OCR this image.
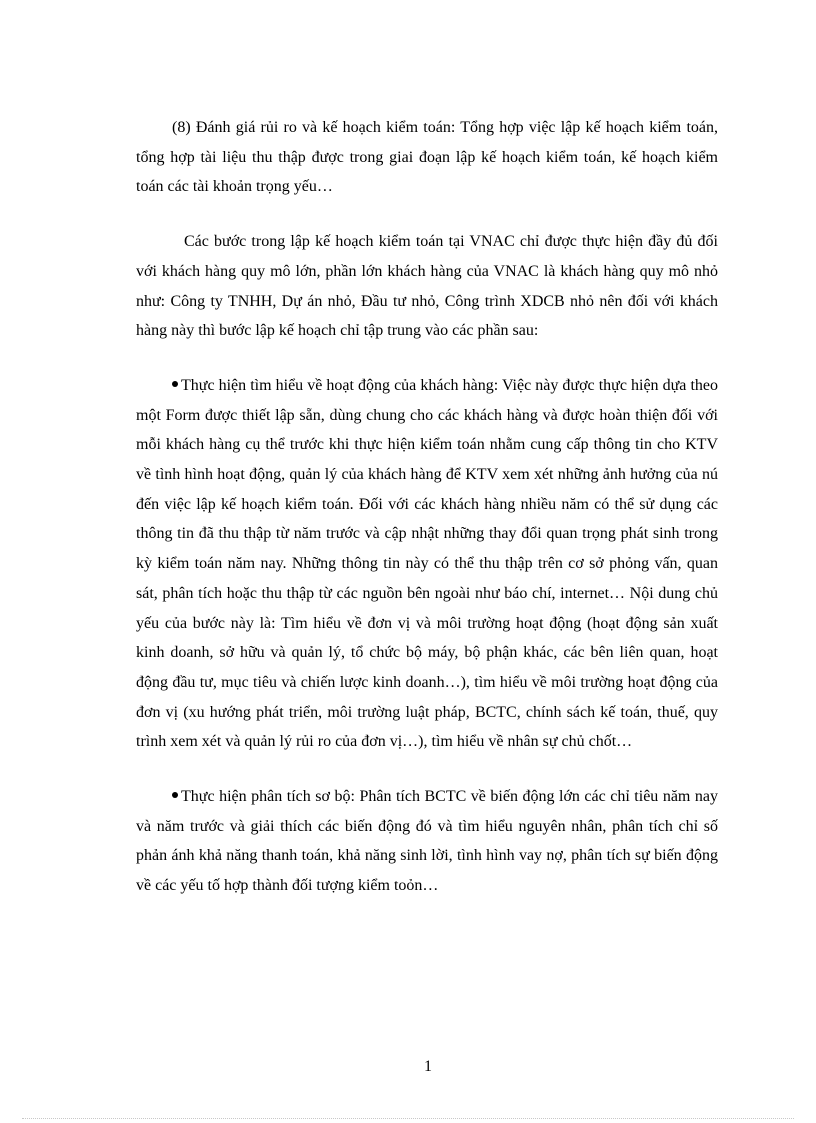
(8) Đánh giá rủi ro và kế hoạch kiểm toán: Tổng hợp việc lập kế hoạch kiểm toán, tổng hợp tài liệu thu thập được trong giai đoạn lập kế hoạch kiểm toán, kế hoạch kiểm toán các tài khoản trọng yếu…

Các bước trong lập kế hoạch kiểm toán tại VNAC chỉ được thực hiện đầy đủ đối với khách hàng quy mô lớn, phần lớn khách hàng của VNAC là khách hàng quy mô nhỏ như: Công ty TNHH, Dự án nhỏ, Đầu tư nhỏ, Công trình XDCB nhỏ nên đối với khách hàng này thì bước lập kế hoạch chỉ tập trung vào các phần sau:

Thực hiện tìm hiểu về hoạt động của khách hàng: Việc này được thực hiện dựa theo một Form được thiết lập sẵn, dùng chung cho các khách hàng và được hoàn thiện đối với mỗi khách hàng cụ thể trước khi thực hiện kiểm toán nhằm cung cấp thông tin cho KTV về tình hình hoạt động, quản lý của khách hàng để KTV xem xét những ảnh hưởng của nú đến việc lập kế hoạch kiểm toán. Đối với các khách hàng nhiều năm có thể sử dụng các thông tin đã thu thập từ năm trước và cập nhật những thay đổi quan trọng phát sinh trong kỳ kiểm toán năm nay. Những thông tin này có thể thu thập trên cơ sở phỏng vấn, quan sát, phân tích hoặc thu thập từ các nguồn bên ngoài như báo chí, internet… Nội dung chủ yếu của bước này là: Tìm hiểu về đơn vị và môi trường hoạt động (hoạt động sản xuất kinh doanh, sở hữu và quản lý, tổ chức bộ máy, bộ phận khác, các bên liên quan, hoạt động đầu tư, mục tiêu và chiến lược kinh doanh…), tìm hiểu về môi trường hoạt động của đơn vị (xu hướng phát triển, môi trường luật pháp, BCTC, chính sách kế toán, thuế, quy trình xem xét và quản lý rủi ro của đơn vị…), tìm hiểu về nhân sự chủ chốt…

Thực hiện phân tích sơ bộ: Phân tích BCTC về biến động lớn các chỉ tiêu năm nay và năm trước và giải thích các biến động đó và tìm hiểu nguyên nhân, phân tích chỉ số phản ánh khả năng thanh toán, khả năng sinh lời, tình hình vay nợ, phân tích sự biến động về các yếu tố hợp thành đối tượng kiểm toỏn…

1
